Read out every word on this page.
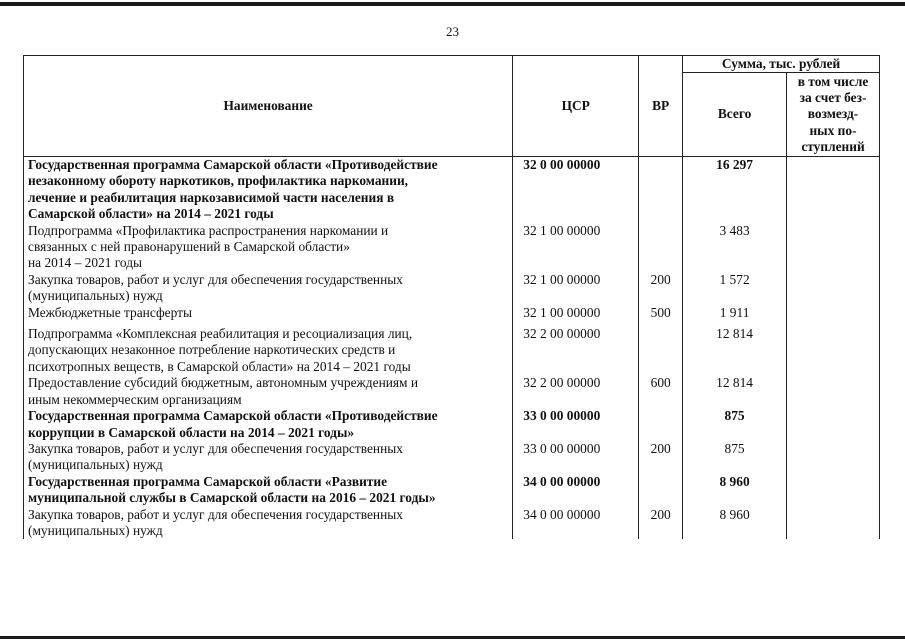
23
Наименование	ЦСР	ВР	Сумма, тыс. рублей	
			Всего	в том числе
за счет без-
возмезд-
ных по-
ступлений

Государственная программа Самарской области «Противодействие
незаконному обороту наркотиков, профилактика наркомании,
лечение и реабилитация наркозависимой части населения в
Самарской области» на 2014 – 2021 годы	32 0 00 00000		16 297	

Подпрограмма «Профилактика распространения наркомании и
связанных с ней правонарушений в Самарской области»
на 2014 – 2021 годы	32 1 00 00000		3 483	

Закупка товаров, работ и услуг для обеспечения государственных
(муниципальных) нужд	32 1 00 00000	200	1 572	

Межбюджетные трансферты	32 1 00 00000	500	1 911	

Подпрограмма «Комплексная реабилитация и ресоциализация лиц,
допускающих незаконное потребление наркотических средств и
психотропных веществ, в Самарской области» на 2014 – 2021 годы	32 2 00 00000		12 814	

Предоставление субсидий бюджетным, автономным учреждениям и
иным некоммерческим организациям	32 2 00 00000	600	12 814	

Государственная программа Самарской области «Противодействие
коррупции в Самарской области на 2014 – 2021 годы»	33 0 00 00000		875	

Закупка товаров, работ и услуг для обеспечения государственных
(муниципальных) нужд	33 0 00 00000	200	875	

Государственная программа Самарской области «Развитие
муниципальной службы в Самарской области на 2016 – 2021 годы»	34 0 00 00000		8 960	

Закупка товаров, работ и услуг для обеспечения государственных
(муниципальных) нужд	34 0 00 00000	200	8 960	
